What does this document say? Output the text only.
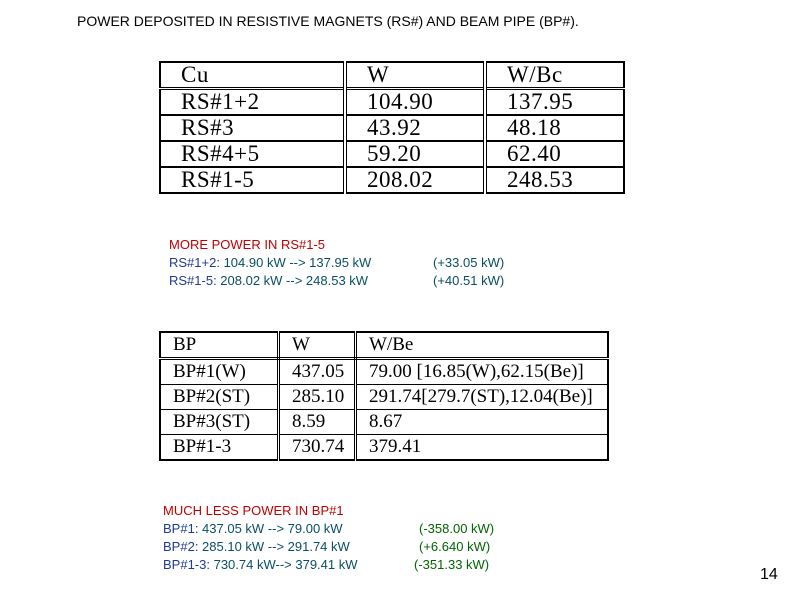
POWER DEPOSITED IN RESISTIVE MAGNETS (RS#) AND BEAM PIPE (BP#).
Cu	W	W/Bc
RS#1+2	104.90	137.95
RS#3	43.92	48.18
RS#4+5	59.20	62.40
RS#1-5	208.02	248.53
MORE POWER IN RS#1-5
RS#1+2: 104.90 kW --> 137.95 kW	(+33.05 kW)
RS#1-5: 208.02 kW --> 248.53 kW	(+40.51 kW)
BP	W	W/Be
BP#1(W)	437.05	79.00 [16.85(W),62.15(Be)]
BP#2(ST)	285.10	291.74[279.7(ST),12.04(Be)]
BP#3(ST)	8.59	8.67
BP#1-3	730.74	379.41
MUCH LESS POWER IN BP#1
BP#1: 437.05 kW --> 79.00 kW	(-358.00 kW)
BP#2: 285.10 kW --> 291.74 kW	(+6.640 kW)
BP#1-3: 730.74 kW--> 379.41 kW	(-351.33 kW)
14
